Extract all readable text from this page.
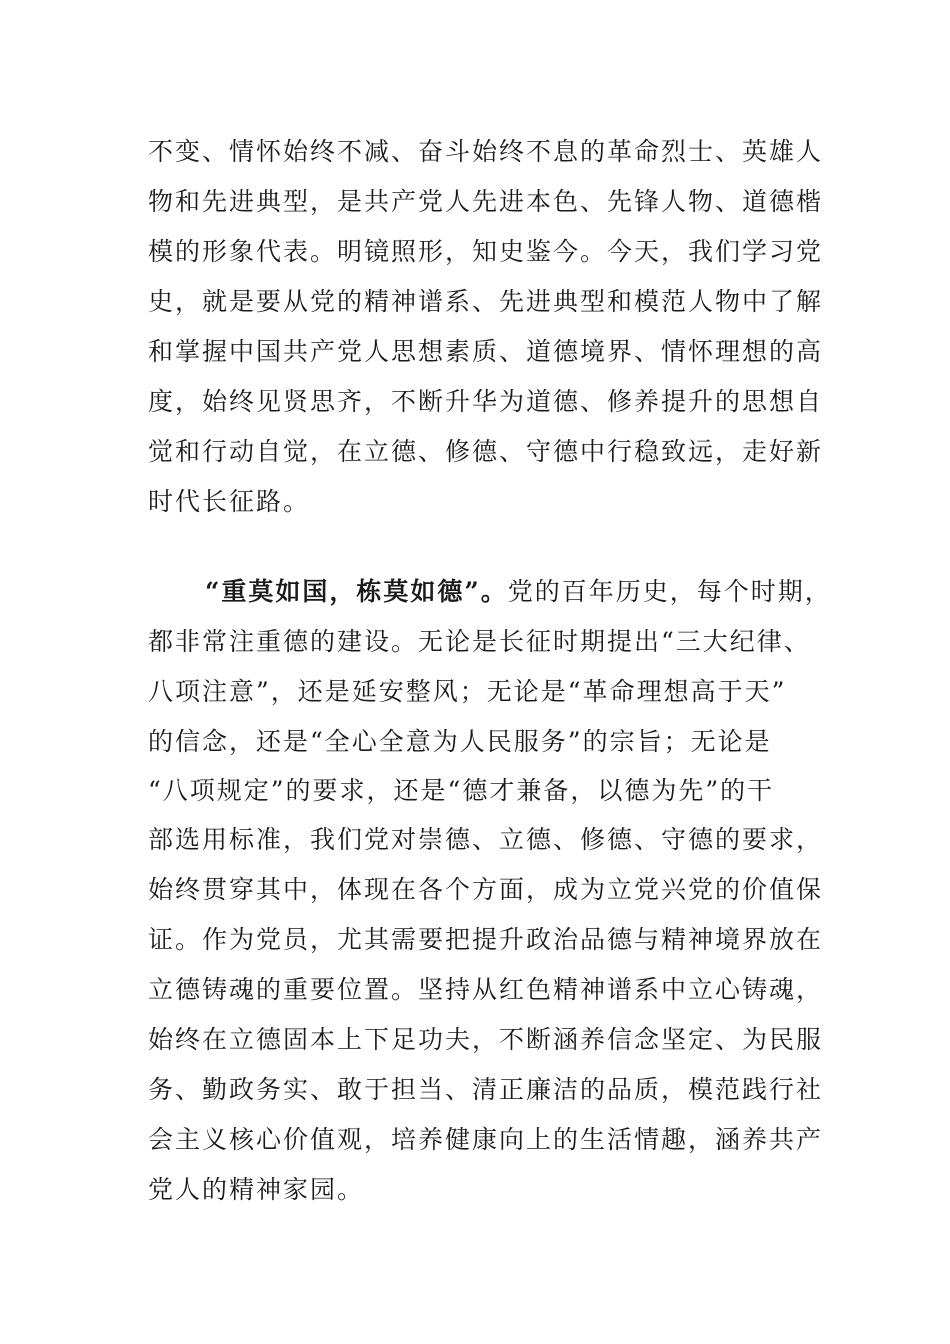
不变、情怀始终不减、奋斗始终不息的革命烈士、英雄人
物和先进典型，是共产党人先进本色、先锋人物、道德楷
模的形象代表。明镜照形，知史鉴今。今天，我们学习党
史，就是要从党的精神谱系、先进典型和模范人物中了解
和掌握中国共产党人思想素质、道德境界、情怀理想的高
度，始终见贤思齐，不断升华为道德、修养提升的思想自
觉和行动自觉，在立德、修德、守德中行稳致远，走好新
时代长征路。
“重莫如国，栋莫如德”。党的百年历史，每个时期，
都非常注重德的建设。无论是长征时期提出“三大纪律、
八项注意”，还是延安整风；无论是“革命理想高于天”
的信念，还是“全心全意为人民服务”的宗旨；无论是
“八项规定”的要求，还是“德才兼备，以德为先”的干
部选用标准，我们党对崇德、立德、修德、守德的要求，
始终贯穿其中，体现在各个方面，成为立党兴党的价值保
证。作为党员，尤其需要把提升政治品德与精神境界放在
立德铸魂的重要位置。坚持从红色精神谱系中立心铸魂，
始终在立德固本上下足功夫，不断涵养信念坚定、为民服
务、勤政务实、敢于担当、清正廉洁的品质，模范践行社
会主义核心价值观，培养健康向上的生活情趣，涵养共产
党人的精神家园。
